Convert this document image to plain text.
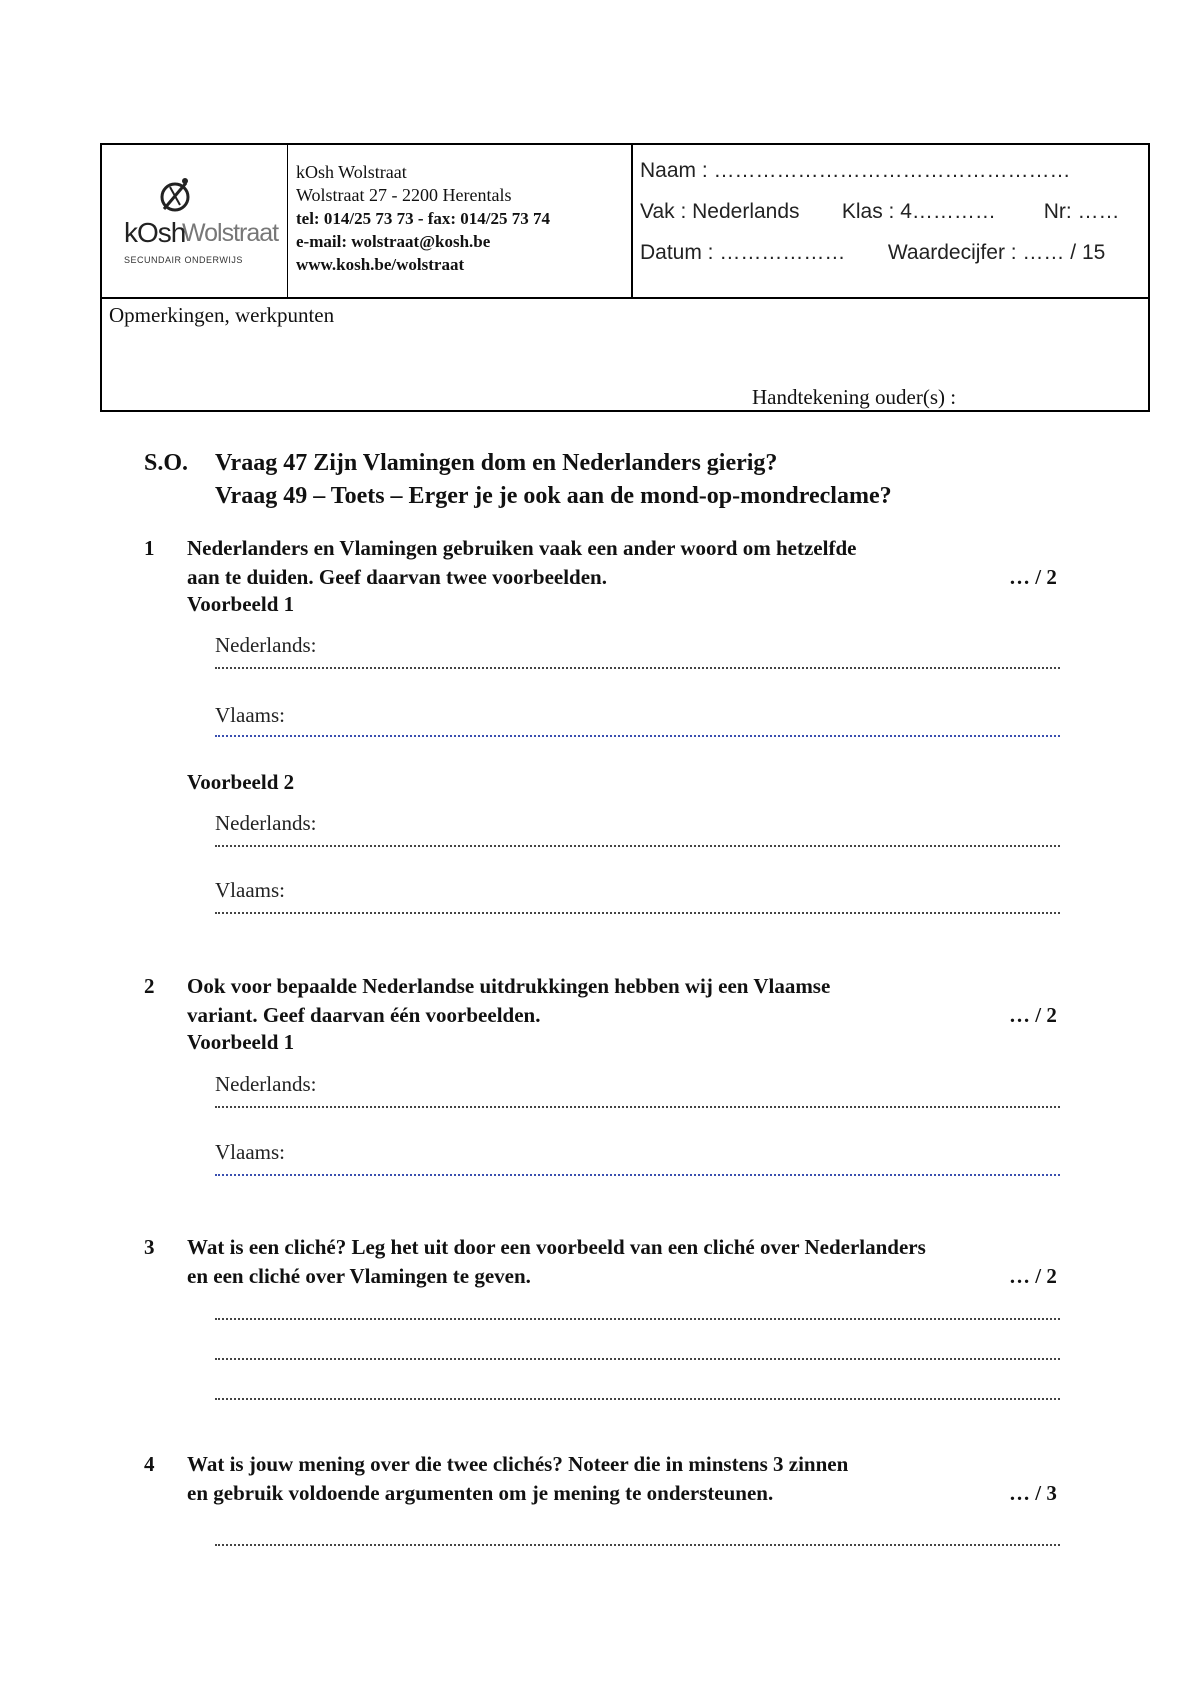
kOsh
Wolstraat
SECUNDAIR ONDERWIJS
kOsh Wolstraat
Wolstraat 27 - 2200 Herentals
tel: 014/25 73 73 - fax: 014/25 73 74
e-mail: wolstraat@kosh.be
www.kosh.be/wolstraat
Naam : ……………………………………………
Vak : Nederlands Klas : 4………… Nr: ……
Datum : ……………… Waardecijfer : …… / 15
Opmerkingen, werkpunten
Handtekening ouder(s) :
S.O. Vraag 47 Zijn Vlamingen dom en Nederlanders gierig?
Vraag 49 – Toets – Erger je je ook aan de mond-op-mondreclame?
1 Nederlanders en Vlamingen gebruiken vaak een ander woord om hetzelfde
aan te duiden. Geef daarvan twee voorbeelden.	… / 2
Voorbeeld 1
Nederlands:
Vlaams:
Voorbeeld 2
Nederlands:
Vlaams:
2 Ook voor bepaalde Nederlandse uitdrukkingen hebben wij een Vlaamse
variant. Geef daarvan één voorbeelden.	… / 2
Voorbeeld 1
Nederlands:
Vlaams:
3 Wat is een cliché? Leg het uit door een voorbeeld van een cliché over Nederlanders
en een cliché over Vlamingen te geven.	… / 2
4 Wat is jouw mening over die twee clichés? Noteer die in minstens 3 zinnen
en gebruik voldoende argumenten om je mening te ondersteunen.	… / 3
